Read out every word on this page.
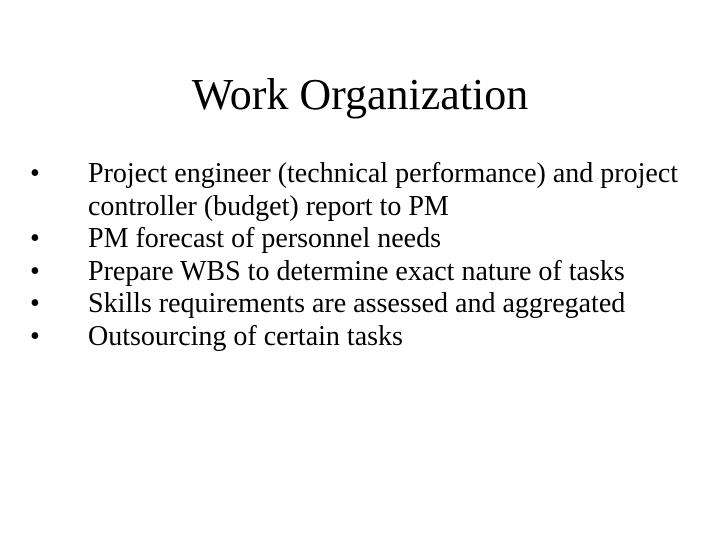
Work Organization
• Project engineer (technical performance) and project controller (budget) report to PM
• PM forecast of personnel needs
• Prepare WBS to determine exact nature of tasks
• Skills requirements are assessed and aggregated
• Outsourcing of certain tasks
